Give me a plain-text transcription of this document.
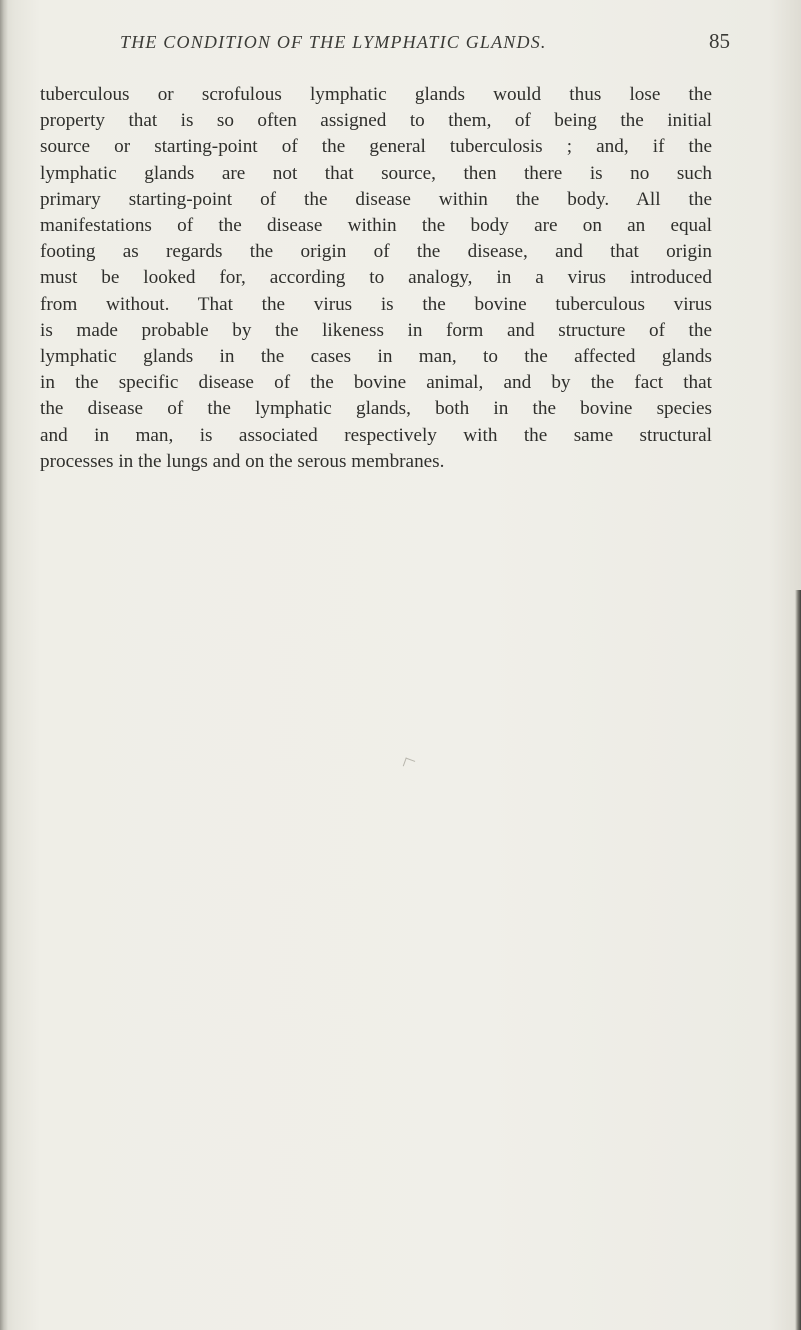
THE CONDITION OF THE LYMPHATIC GLANDS.	85
tuberculous or scrofulous lymphatic glands would thus lose the
property that is so often assigned to them, of being the initial
source or starting-point of the general tuberculosis ; and, if the
lymphatic glands are not that source, then there is no such
primary starting-point of the disease within the body. All the
manifestations of the disease within the body are on an equal
footing as regards the origin of the disease, and that origin
must be looked for, according to analogy, in a virus introduced
from without. That the virus is the bovine tuberculous virus
is made probable by the likeness in form and structure of the
lymphatic glands in the cases in man, to the affected glands
in the specific disease of the bovine animal, and by the fact that
the disease of the lymphatic glands, both in the bovine species
and in man, is associated respectively with the same structural
processes in the lungs and on the serous membranes.
